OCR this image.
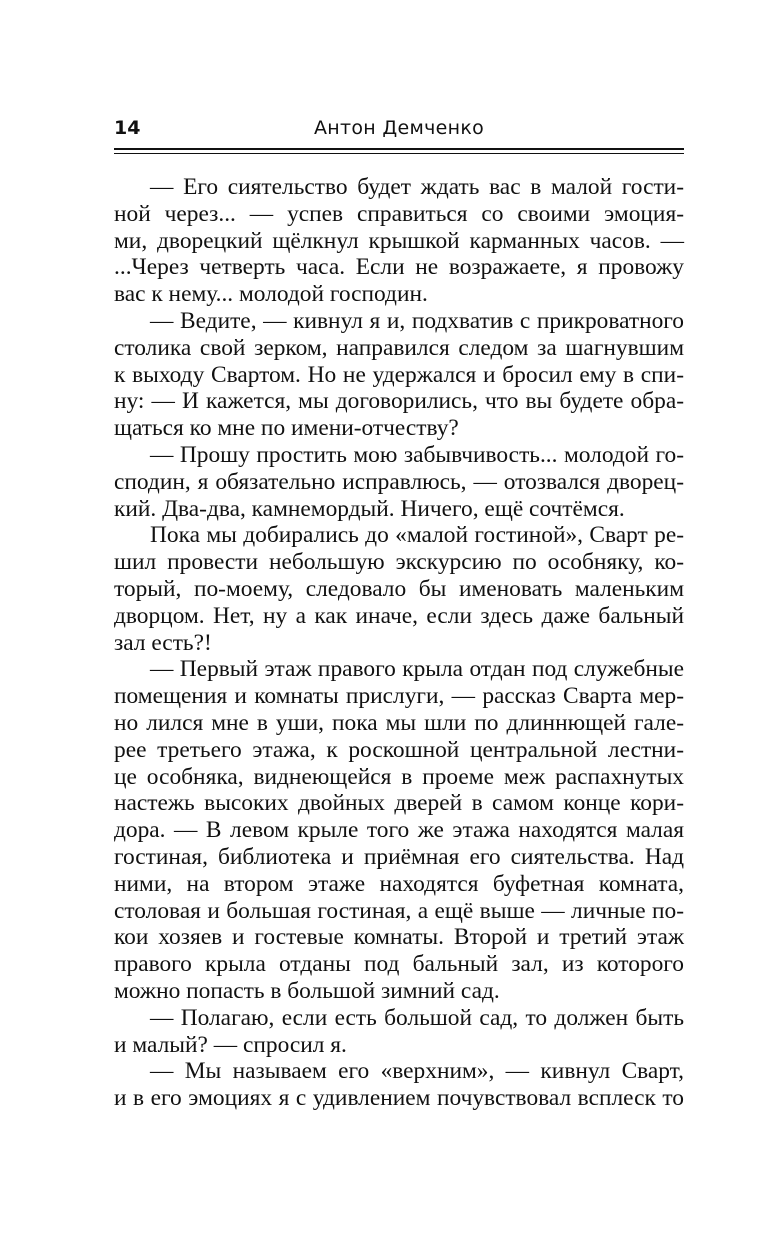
14	Антон Демченко
— Его сиятельство будет ждать вас в малой гости-
ной через... — успев справиться со своими эмоция-
ми, дворецкий щёлкнул крышкой карманных часов. —
...Через четверть часа. Если не возражаете, я провожу
вас к нему... молодой господин.
— Ведите, — кивнул я и, подхватив с прикроватного
столика свой зерком, направился следом за шагнувшим
к выходу Свартом. Но не удержался и бросил ему в спи-
ну: — И кажется, мы договорились, что вы будете обра-
щаться ко мне по имени-отчеству?
— Прошу простить мою забывчивость... молодой го-
сподин, я обязательно исправлюсь, — отозвался дворец-
кий. Два-два, камнемордый. Ничего, ещё сочтёмся.
Пока мы добирались до «малой гостиной», Сварт ре-
шил провести небольшую экскурсию по особняку, ко-
торый, по-моему, следовало бы именовать маленьким
дворцом. Нет, ну а как иначе, если здесь даже бальный
зал есть?!
— Первый этаж правого крыла отдан под служебные
помещения и комнаты прислуги, — рассказ Сварта мер-
но лился мне в уши, пока мы шли по длиннющей гале-
рее третьего этажа, к роскошной центральной лестни-
це особняка, виднеющейся в проеме меж распахнутых
настежь высоких двойных дверей в самом конце кори-
дора. — В левом крыле того же этажа находятся малая
гостиная, библиотека и приёмная его сиятельства. Над
ними, на втором этаже находятся буфетная комната,
столовая и большая гостиная, а ещё выше — личные по-
кои хозяев и гостевые комнаты. Второй и третий этаж
правого крыла отданы под бальный зал, из которого
можно попасть в большой зимний сад.
— Полагаю, если есть большой сад, то должен быть
и малый? — спросил я.
— Мы называем его «верхним», — кивнул Сварт,
и в его эмоциях я с удивлением почувствовал всплеск то
